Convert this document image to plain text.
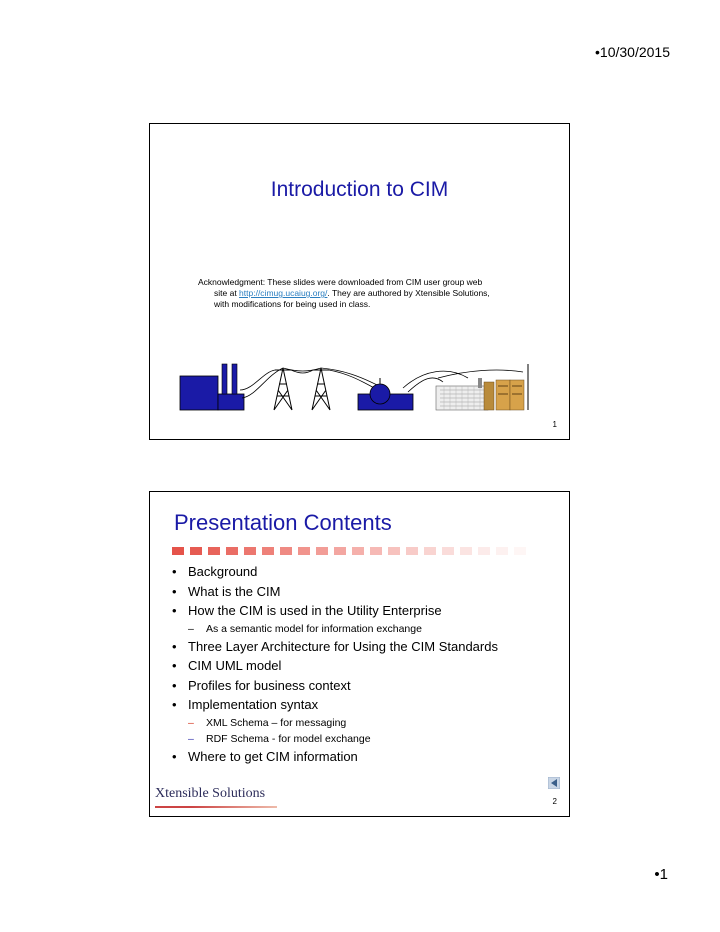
•10/30/2015
Introduction to CIM
Acknowledgment: These slides were downloaded from CIM user group web
site at http://cimug.ucaiug.org/. They are authored by Xtensible Solutions,
with modifications for being used in class.
1
Presentation Contents
• Background
• What is the CIM
• How the CIM is used in the Utility Enterprise
–	As a semantic model for information exchange
• Three Layer Architecture for Using the CIM Standards
• CIM UML model
• Profiles for business context
• Implementation syntax
–	XML Schema – for messaging
–	RDF Schema - for model exchange
• Where to get CIM information
Xtensible Solutions
2
•1
